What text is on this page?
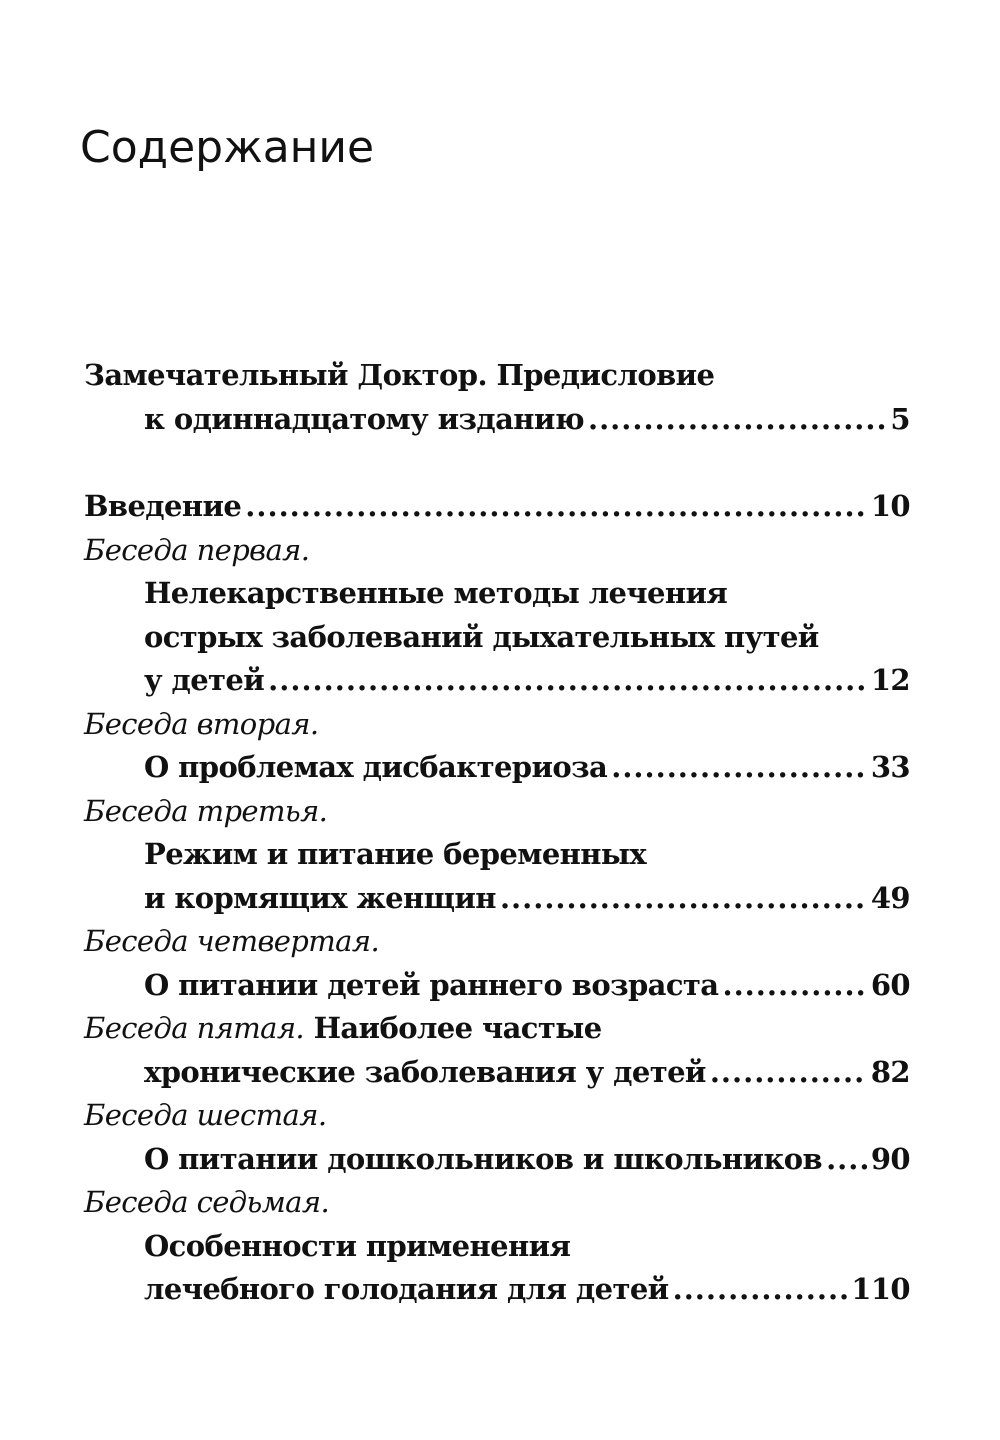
Содержание
Замечательный Доктор. Предисловие
к одиннадцатому изданию .....	5
Введение .....	10
Беседа первая.
Нелекарственные методы лечения
острых заболеваний дыхательных путей
у детей .....	12
Беседа вторая.
О проблемах дисбактериоза .....	33
Беседа третья.
Режим и питание беременных
и кормящих женщин .....	49
Беседа четвертая.
О питании детей раннего возраста .....	60
Беседа пятая.
Наиболее частые
хронические заболевания у детей .....	82
Беседа шестая.
О питании дошкольников и школьников ..... 90
Беседа седьмая.
Особенности применения
лечебного голодания для детей .....	110
